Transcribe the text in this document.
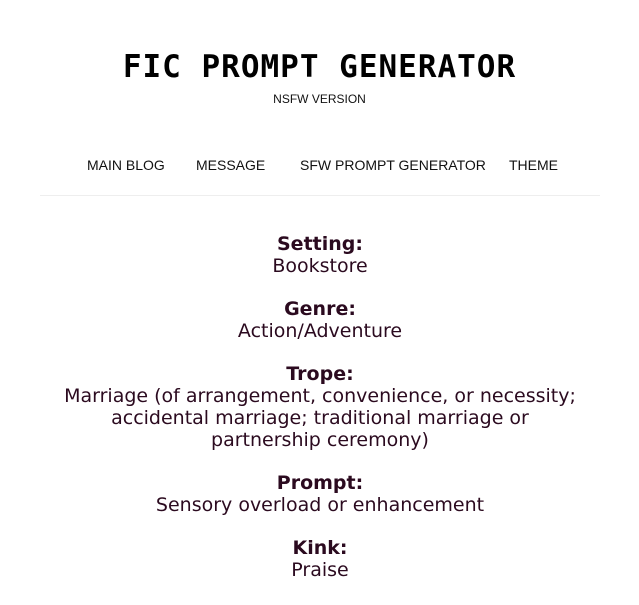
FIC PROMPT GENERATOR
NSFW VERSION
MAIN BLOG MESSAGE SFW PROMPT GENERATOR THEME
Setting:
Bookstore
Genre:
Action/Adventure
Trope:
Marriage (of arrangement, convenience, or necessity; accidental marriage; traditional marriage or partnership ceremony)
Prompt:
Sensory overload or enhancement
Kink:
Praise
